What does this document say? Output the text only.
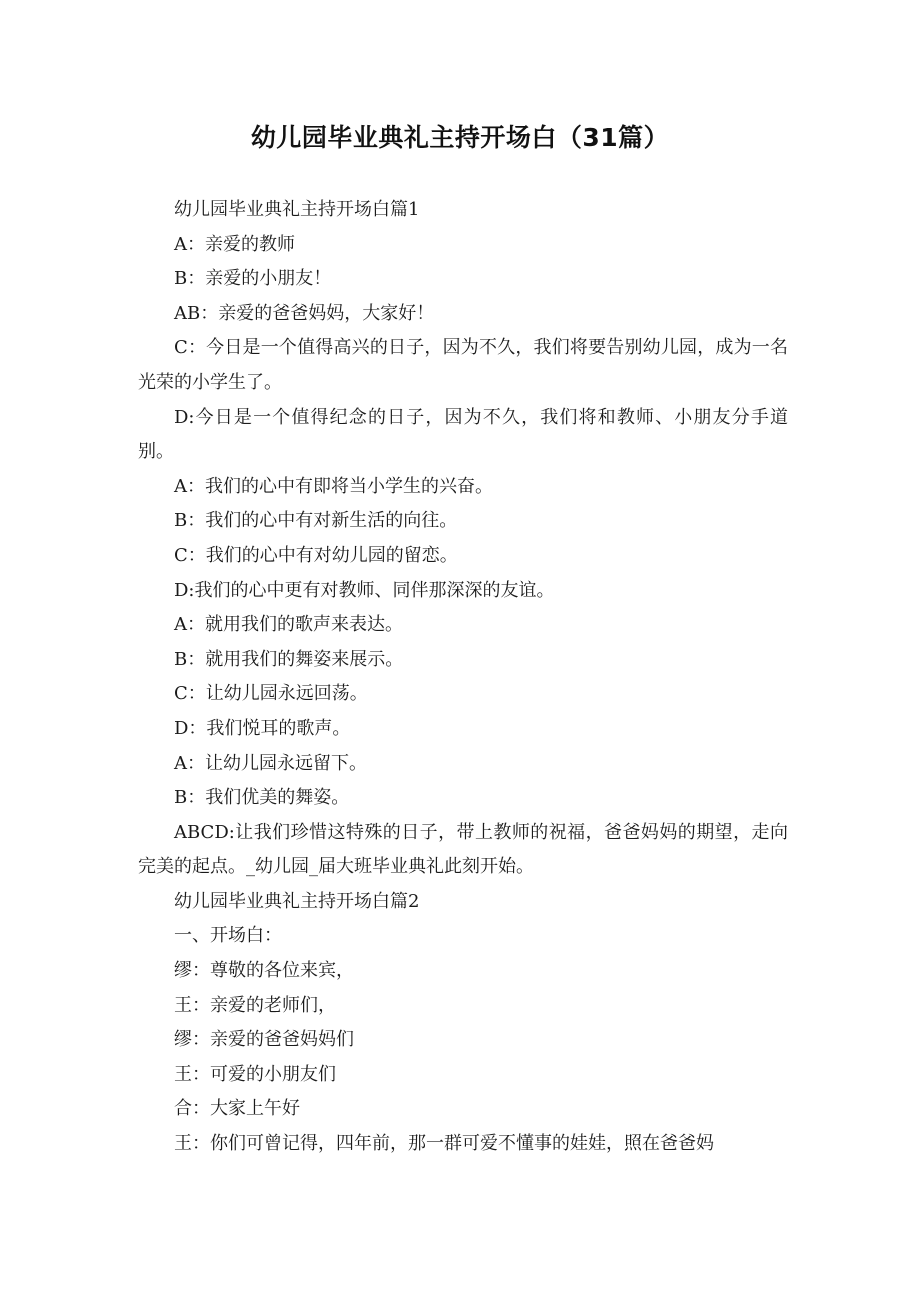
幼儿园毕业典礼主持开场白（31篇）

幼儿园毕业典礼主持开场白篇1

A：亲爱的教师

B：亲爱的小朋友！

AB：亲爱的爸爸妈妈，大家好！

C：今日是一个值得高兴的日子，因为不久，我们将要告别幼儿园，成为一名光荣的小学生了。

D:今日是一个值得纪念的日子，因为不久，我们将和教师、小朋友分手道别。

A：我们的心中有即将当小学生的兴奋。

B：我们的心中有对新生活的向往。

C：我们的心中有对幼儿园的留恋。

D:我们的心中更有对教师、同伴那深深的友谊。

A：就用我们的歌声来表达。

B：就用我们的舞姿来展示。

C：让幼儿园永远回荡。

D：我们悦耳的歌声。

A：让幼儿园永远留下。

B：我们优美的舞姿。

ABCD:让我们珍惜这特殊的日子，带上教师的祝福，爸爸妈妈的期望，走向完美的起点。_幼儿园_届大班毕业典礼此刻开始。

幼儿园毕业典礼主持开场白篇2

一、开场白：

缪：尊敬的各位来宾，

王：亲爱的老师们，

缪：亲爱的爸爸妈妈们

王：可爱的小朋友们

合：大家上午好

王：你们可曾记得，四年前，那一群可爱不懂事的娃娃，照在爸爸妈
